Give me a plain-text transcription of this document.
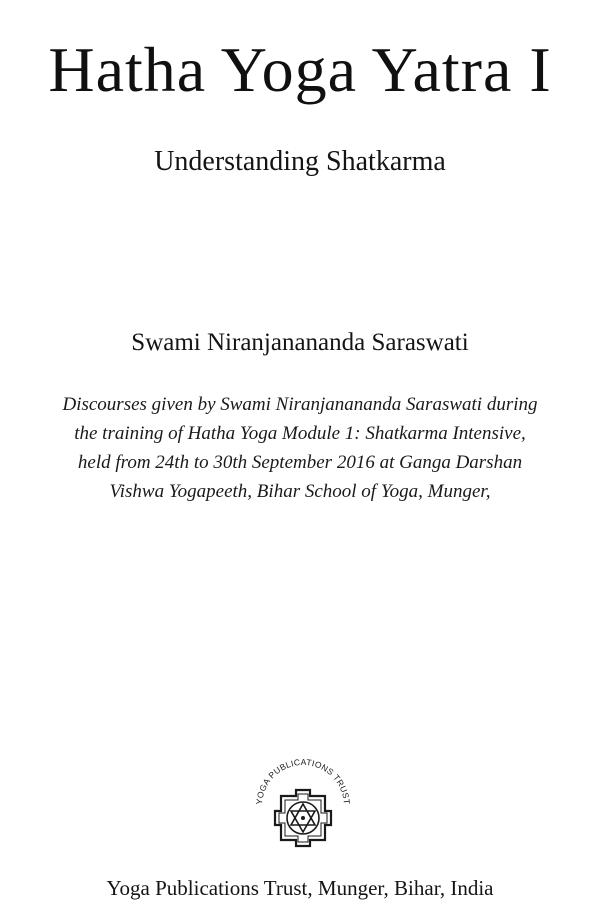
Hatha Yoga Yatra I
Understanding Shatkarma
Swami Niranjanananda Saraswati
Discourses given by Swami Niranjanananda Saraswati during
the training of Hatha Yoga Module 1: Shatkarma Intensive,
held from 24th to 30th September 2016 at Ganga Darshan
Vishwa Yogapeeth, Bihar School of Yoga, Munger,
YOGA PUBLICATIONS TRUST
Yoga Publications Trust, Munger, Bihar, India
